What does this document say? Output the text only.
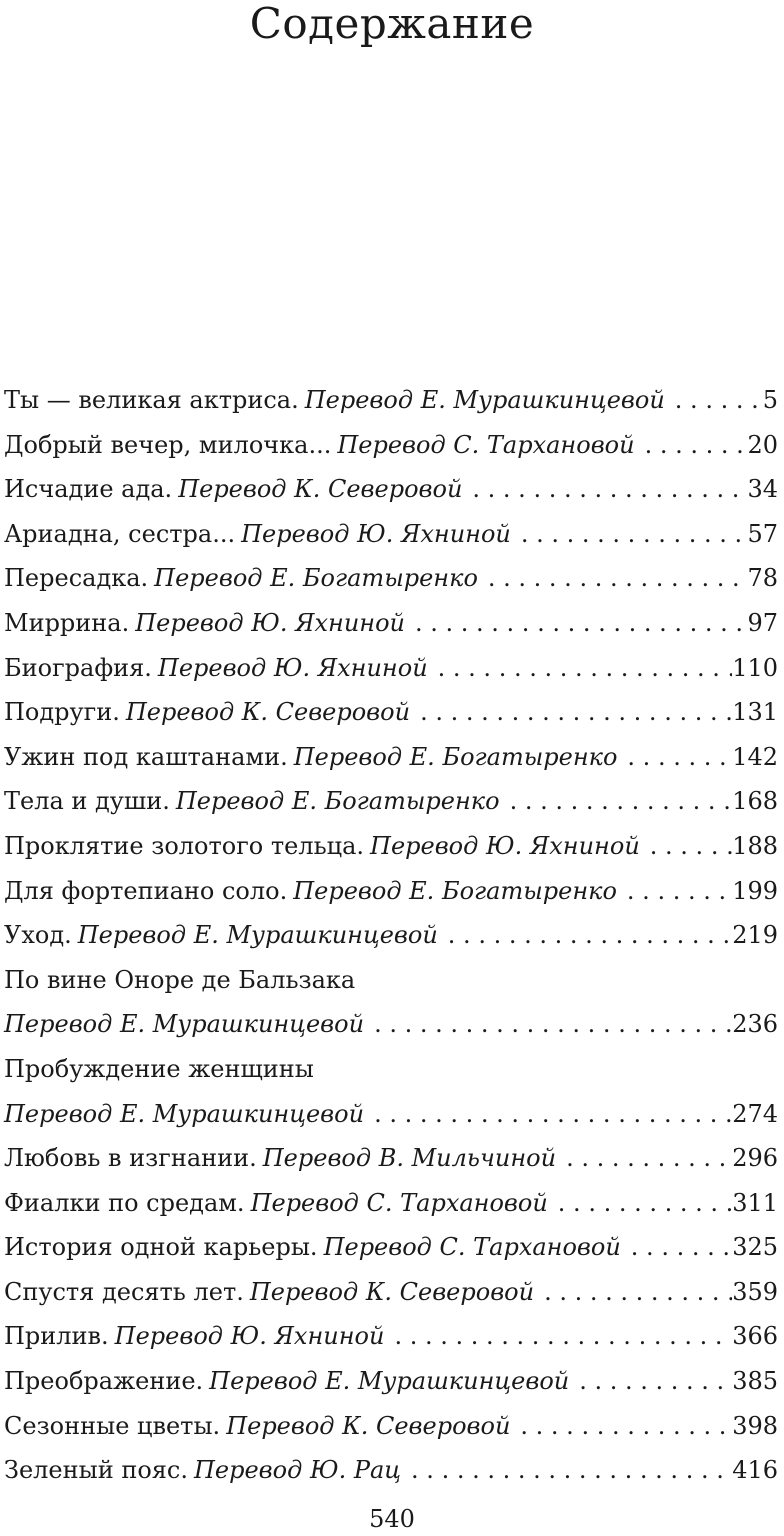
Содержание
Ты — великая актриса. Перевод Е. Мурашкинцевой . . .	5
Добрый вечер, милочка... Перевод С. Тархановой . . .	20
Исчадие ада. Перевод К. Северовой . . .	34
Ариадна, сестра... Перевод Ю. Яхниной . . .	57
Пересадка. Перевод Е. Богатыренко . . .	78
Миррина. Перевод Ю. Яхниной . . .	97
Биография. Перевод Ю. Яхниной . . .	110
Подруги. Перевод К. Северовой . . .	131
Ужин под каштанами. Перевод Е. Богатыренко . . .	142
Тела и души. Перевод Е. Богатыренко . . .	168
Проклятие золотого тельца. Перевод Ю. Яхниной . . .	188
Для фортепиано соло. Перевод Е. Богатыренко . . .	199
Уход. Перевод Е. Мурашкинцевой . . .	219
По вине Оноре де Бальзака
Перевод Е. Мурашкинцевой . . .	236
Пробуждение женщины
Перевод Е. Мурашкинцевой . . .	274
Любовь в изгнании. Перевод В. Мильчиной . . .	296
Фиалки по средам. Перевод С. Тархановой . . .	311
История одной карьеры. Перевод С. Тархановой . . .	325
Спустя десять лет. Перевод К. Северовой . . .	359
Прилив. Перевод Ю. Яхниной . . .	366
Преображение. Перевод Е. Мурашкинцевой . . .	385
Сезонные цветы. Перевод К. Северовой . . .	398
Зеленый пояс. Перевод Ю. Рац . . .	416
540
